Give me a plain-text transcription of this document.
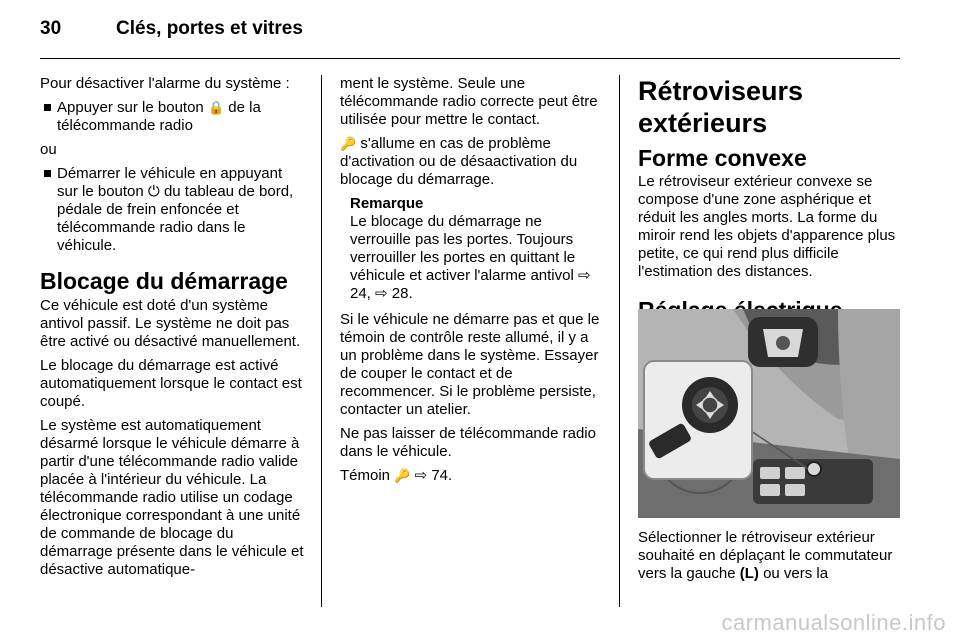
30	Clés, portes et vitres

Pour désactiver l'alarme du système :

Appuyer sur le bouton 🔒 de la télécommande radio

ou

Démarrer le véhicule en appuyant sur le bouton ⏻ du tableau de bord, pédale de frein enfoncée et télécommande radio dans le véhicule.
Blocage du démarrage

Ce véhicule est doté d'un système antivol passif. Le système ne doit pas être activé ou désactivé manuellement.

Le blocage du démarrage est activé automatiquement lorsque le contact est coupé.

Le système est automatiquement désarmé lorsque le véhicule démarre à partir d'une télécommande radio valide placée à l'intérieur du véhicule. La télécommande radio utilise un codage électronique correspondant à une unité de commande de blocage du démarrage présente dans le véhicule et désactive automatique-

ment le système. Seule une télécommande radio correcte peut être utilisée pour mettre le contact.

🔑 s'allume en cas de problème d'activation ou de désaactivation du blocage du démarrage.

Remarque
Le blocage du démarrage ne verrouille pas les portes. Toujours verrouiller les portes en quittant le véhicule et activer l'alarme antivol ⇨ 24, ⇨ 28.

Si le véhicule ne démarre pas et que le témoin de contrôle reste allumé, il y a un problème dans le système. Essayer de couper le contact et de recommencer. Si le problème persiste, contacter un atelier.

Ne pas laisser de télécommande radio dans le véhicule.

Témoin 🔑 ⇨ 74.

Rétroviseurs extérieurs
Forme convexe

Le rétroviseur extérieur convexe se compose d'une zone asphérique et réduit les angles morts. La forme du miroir rend les objets d'apparence plus petite, ce qui rend plus difficile l'estimation des distances.

Sélectionner le rétroviseur extérieur souhaité en déplaçant le commutateur vers la gauche (L) ou vers la

carmanualsonline.info
